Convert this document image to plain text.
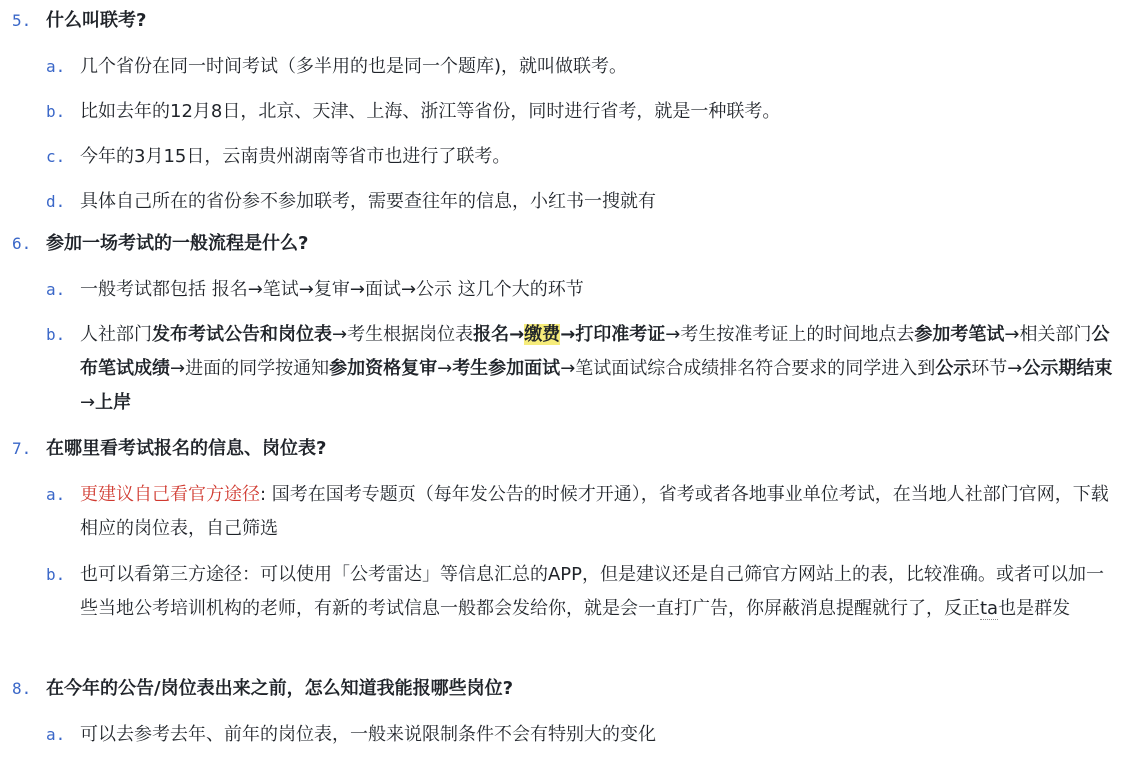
5. 什么叫联考?
a. 几个省份在同一时间考试（多半用的也是同一个题库)，就叫做联考。
b. 比如去年的12月8日，北京、天津、上海、浙江等省份，同时进行省考，就是一种联考。
c. 今年的3月15日，云南贵州湖南等省市也进行了联考。
d. 具体自己所在的省份参不参加联考，需要查往年的信息，小红书一搜就有
6. 参加一场考试的一般流程是什么?
a. 一般考试都包括 报名→笔试→复审→面试→公示 这几个大的环节
b. 人社部门发布考试公告和岗位表→考生根据岗位表报名→缴费→打印准考证→考生按准考证上的时间地点去参加考笔试→相关部门公布笔试成绩→进面的同学按通知参加资格复审→考生参加面试→笔试面试综合成绩排名符合要求的同学进入到公示环节→公示期结束→上岸
7. 在哪里看考试报名的信息、岗位表?
a. 更建议自己看官方途径: 国考在国考专题页（每年发公告的时候才开通），省考或者各地事业单位考试，在当地人社部门官网，下载相应的岗位表，自己筛选
b. 也可以看第三方途径：可以使用「公考雷达」等信息汇总的APP，但是建议还是自己筛官方网站上的表，比较准确。或者可以加一些当地公考培训机构的老师，有新的考试信息一般都会发给你，就是会一直打广告，你屏蔽消息提醒就行了，反正ta也是群发
8. 在今年的公告/岗位表出来之前，怎么知道我能报哪些岗位?
a. 可以去参考去年、前年的岗位表，一般来说限制条件不会有特别大的变化
